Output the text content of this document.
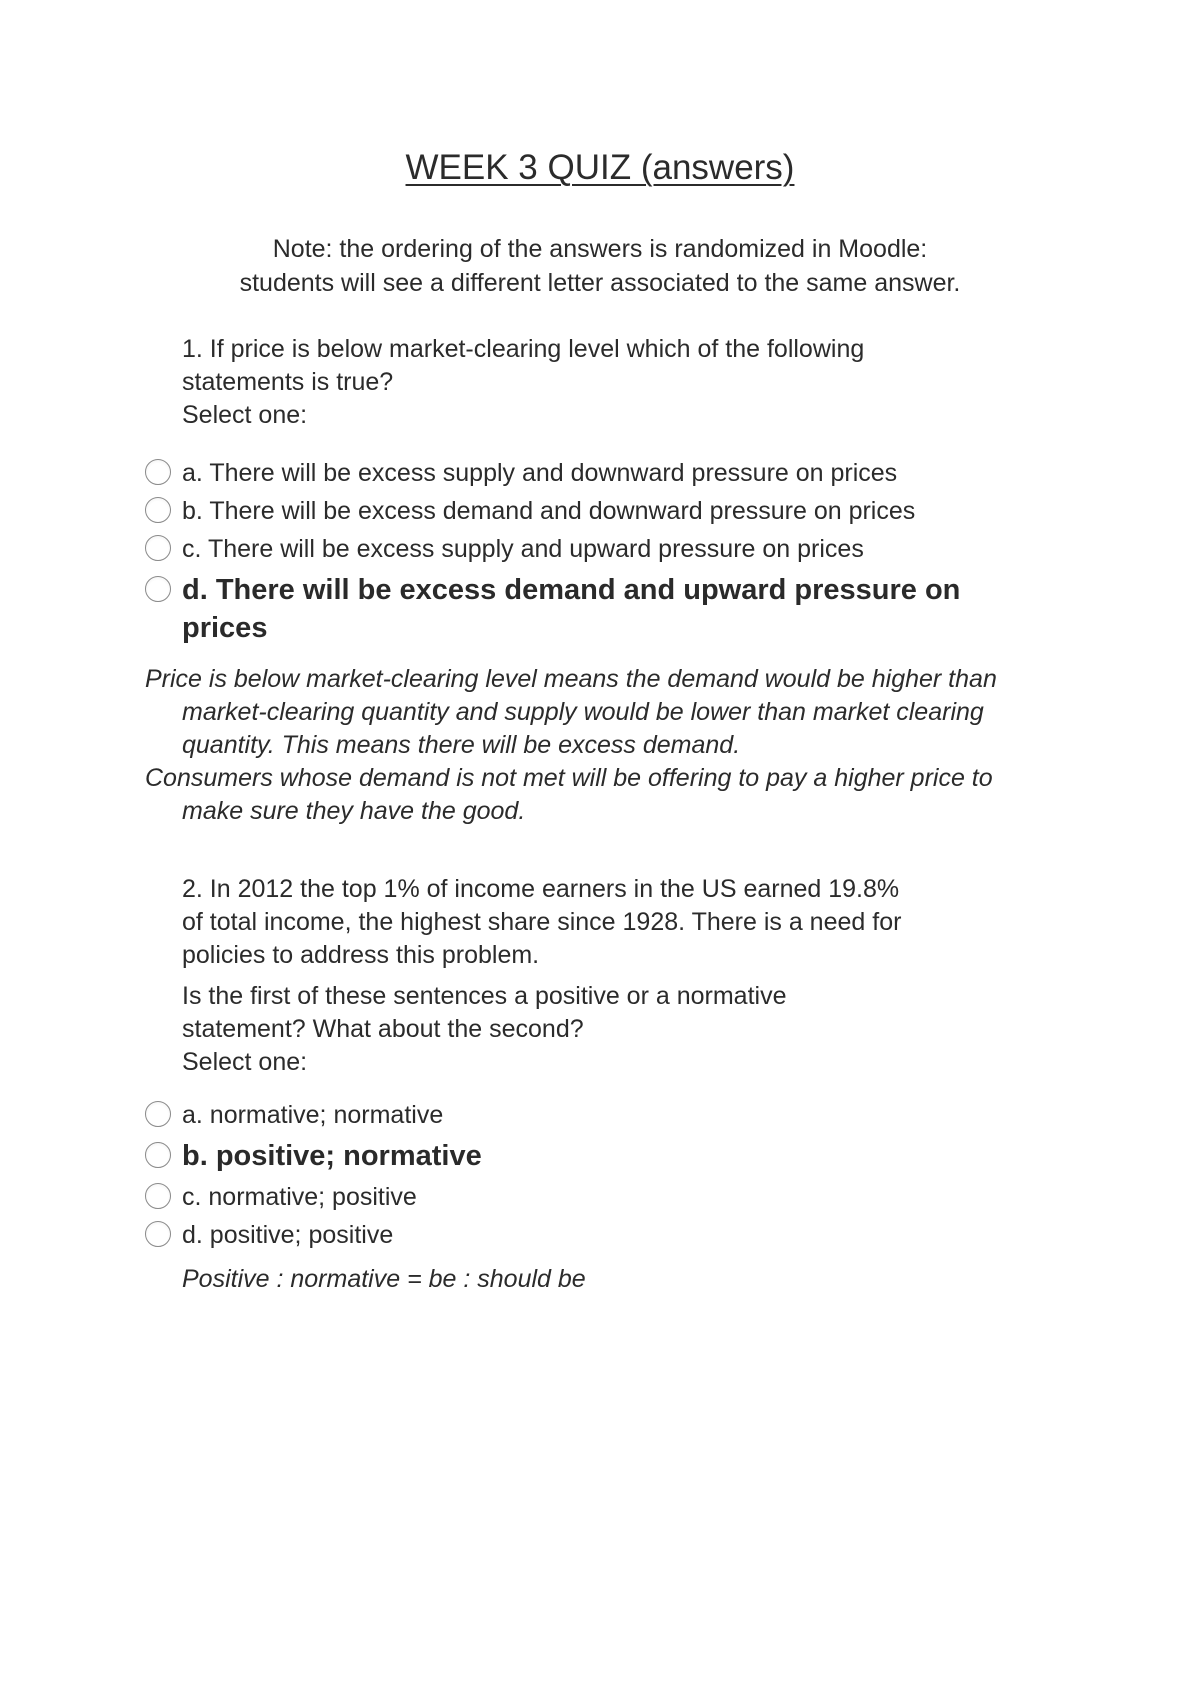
WEEK 3 QUIZ (answers)
Note: the ordering of the answers is randomized in Moodle:
students will see a different letter associated to the same answer.
1. If price is below market-clearing level which of the following
statements is true?
Select one:
a. There will be excess supply and downward pressure on prices
b. There will be excess demand and downward pressure on prices
c. There will be excess supply and upward pressure on prices
d. There will be excess demand and upward pressure on prices

Price is below market-clearing level means the demand would be higher than market-clearing quantity and supply would be lower than market clearing quantity. This means there will be excess demand.

Consumers whose demand is not met will be offering to pay a higher price to make sure they have the good.

2. In 2012 the top 1% of income earners in the US earned 19.8%
of total income, the highest share since 1928. There is a need for
policies to address this problem.
Is the first of these sentences a positive or a normative
statement? What about the second?
Select one:
a. normative; normative
b. positive; normative
c. normative; positive
d. positive; positive
Positive : normative = be : should be
